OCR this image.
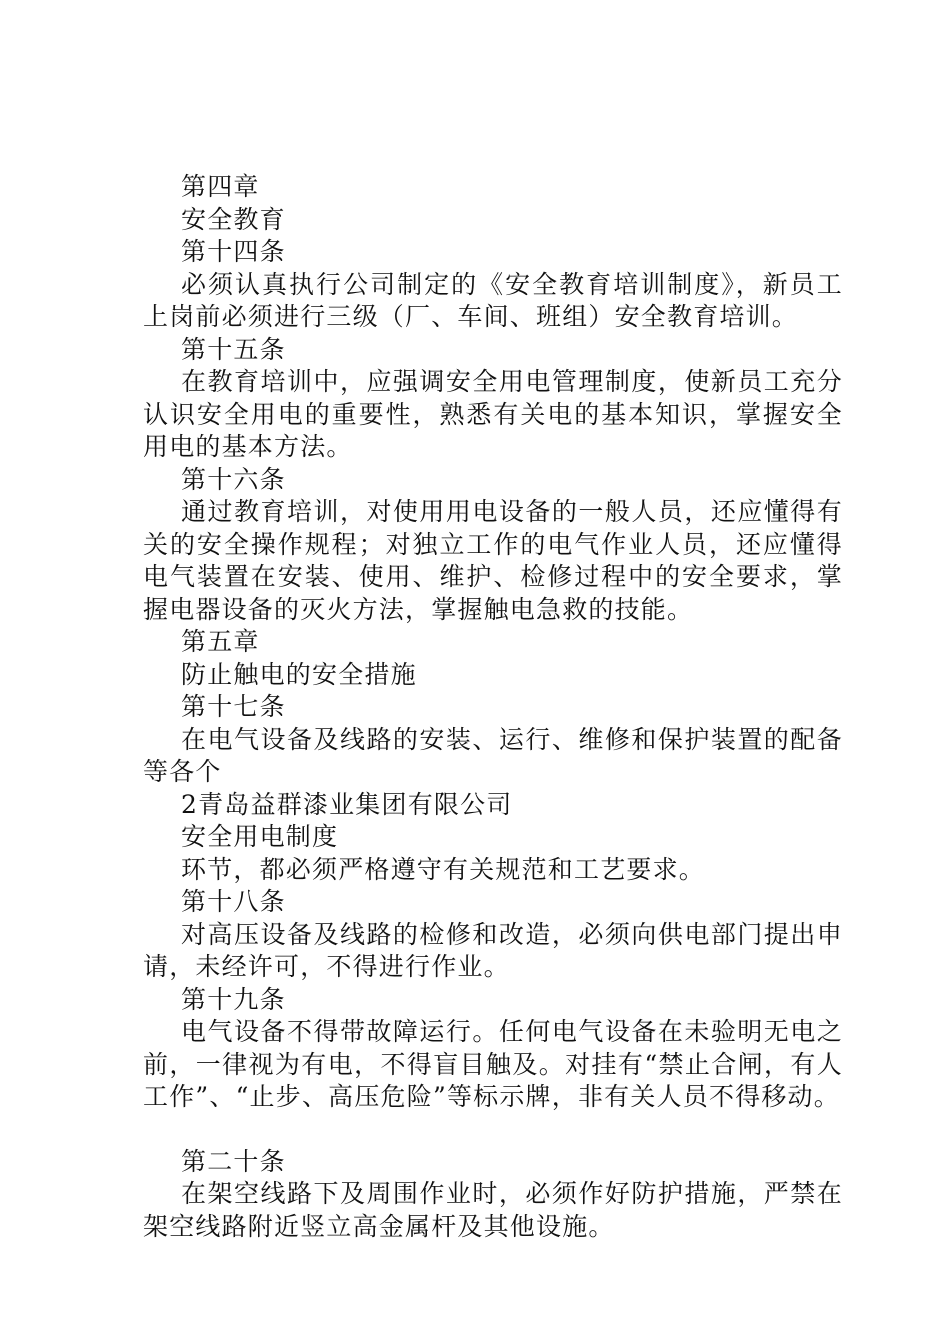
第四章
安全教育
第十四条
必须认真执行公司制定的《安全教育培训制度》，新员工上岗前必须进行三级（厂、车间、班组）安全教育培训。
第十五条
在教育培训中，应强调安全用电管理制度，使新员工充分认识安全用电的重要性，熟悉有关电的基本知识，掌握安全用电的基本方法。
第十六条
通过教育培训，对使用用电设备的一般人员，还应懂得有关的安全操作规程；对独立工作的电气作业人员，还应懂得电气装置在安装、使用、维护、检修过程中的安全要求，掌握电器设备的灭火方法，掌握触电急救的技能。
第五章
防止触电的安全措施
第十七条
在电气设备及线路的安装、运行、维修和保护装置的配备等各个
2青岛益群漆业集团有限公司
安全用电制度
环节，都必须严格遵守有关规范和工艺要求。
第十八条
对高压设备及线路的检修和改造，必须向供电部门提出申请，未经许可，不得进行作业。
第十九条
电气设备不得带故障运行。任何电气设备在未验明无电之前，一律视为有电，不得盲目触及。对挂有“禁止合闸，有人工作”、“止步、高压危险”等标示牌，非有关人员不得移动。
第二十条
在架空线路下及周围作业时，必须作好防护措施，严禁在架空线路附近竖立高金属杆及其他设施。
